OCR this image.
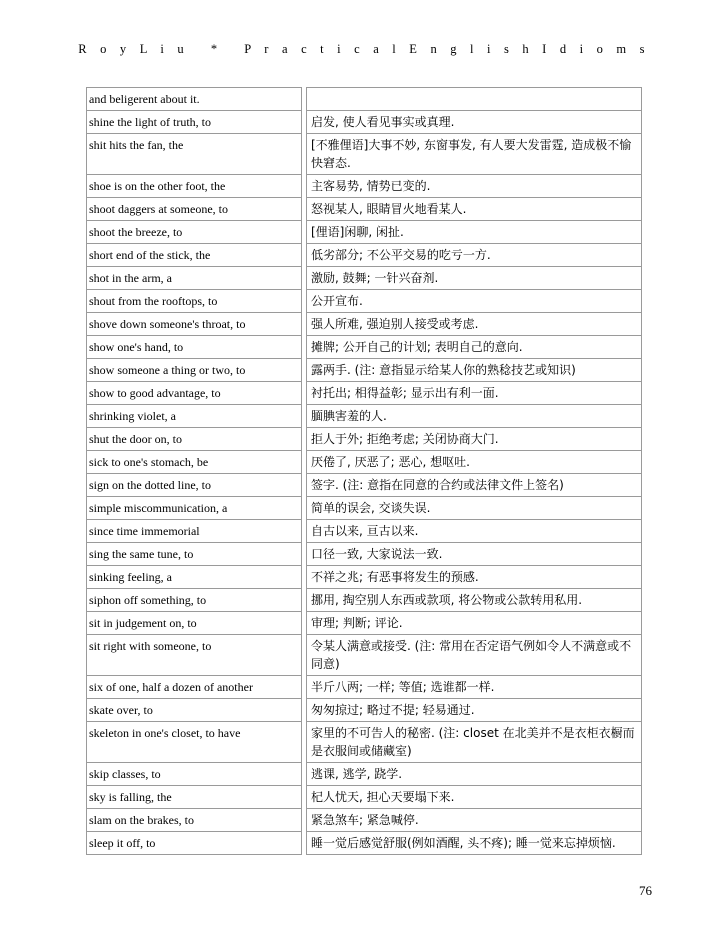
R o y L i u * P r a c t i c a l E n g l i s h I d i o m s
and beligerent about it.		
shine the light of truth, to		启发, 使人看见事实或真理.
shit hits the fan, the		[不雅俚语]大事不妙, 东窗事发, 有人要大发雷霆, 造成极不愉快窘态.
shoe is on the other foot, the		主客易势, 情势已变的.
shoot daggers at someone, to		怒视某人, 眼睛冒火地看某人.
shoot the breeze, to		[俚语]闲聊, 闲扯.
short end of the stick, the		低劣部分; 不公平交易的吃亏一方.
shot in the arm, a		激励, 鼓舞; 一针兴奋剂.
shout from the rooftops, to		公开宣布.
shove down someone's throat, to		强人所难, 强迫别人接受或考虑.
show one's hand, to		摊牌; 公开自己的计划; 表明自己的意向.
show someone a thing or two, to		露两手. (注: 意指显示给某人你的熟稔技艺或知识)
show to good advantage, to		衬托出; 相得益彰; 显示出有利一面.
shrinking violet, a		腼腆害羞的人.
shut the door on, to		拒人于外; 拒绝考虑; 关闭协商大门.
sick to one's stomach, be		厌倦了, 厌恶了; 恶心, 想呕吐.
sign on the dotted line, to		签字. (注: 意指在同意的合约或法律文件上签名)
simple miscommunication, a		简单的误会, 交谈失误.
since time immemorial		自古以来, 亘古以来.
sing the same tune, to		口径一致, 大家说法一致.
sinking feeling, a		不祥之兆; 有恶事将发生的预感.
siphon off something, to		挪用, 掏空别人东西或款项, 将公物或公款转用私用.
sit in judgement on, to		审理; 判断; 评论.
sit right with someone, to		令某人满意或接受. (注: 常用在否定语气例如令人不满意或不同意)
six of one, half a dozen of another		半斤八两; 一样; 等值; 选谁都一样.
skate over, to		匆匆掠过; 略过不提; 轻易通过.
skeleton in one's closet, to have		家里的不可告人的秘密. (注: closet 在北美并不是衣柜衣橱而是衣服间或储藏室)
skip classes, to		逃课, 逃学, 跷学.
sky is falling, the		杞人忧天, 担心天要塌下来.
slam on the brakes, to		紧急煞车; 紧急喊停.
sleep it off, to		睡一觉后感觉舒服(例如酒醒, 头不疼); 睡一觉来忘掉烦恼.
76
